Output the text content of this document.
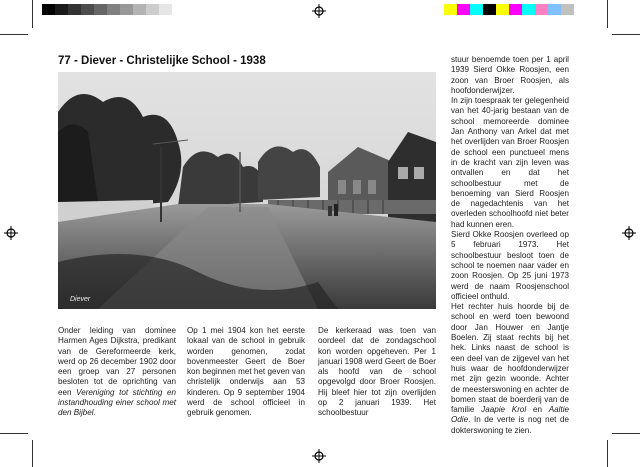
77 - Diever - Christelijke School - 1938
Diever

Onder leiding van dominee Harmen Ages Dijkstra, predikant van de Gereformeerde kerk, werd op 26 december 1902 door een groep van 27 personen besloten tot de oprichting van een Vereniging tot stichting en instandhouding einer school met den Bijbel.

Op 1 mei 1904 kon het eerste lokaal van de school in gebruik worden genomen, zodat bovenmeester Geert de Boer kon beginnen met het geven van christelijk onderwijs aan 53 kinderen. Op 9 september 1904 werd de school officieel in gebruik genomen.

De kerkeraad was toen van oordeel dat de zondagschool kon worden opgeheven. Per 1 januari 1908 werd Geert de Boer als hoofd van de school opgevolgd door Broer Roosjen. Hij bleef hier tot zijn overlijden op 2 januari 1939. Het schoolbestuur

stuur benoemde toen per 1 april 1939 Sierd Okke Roosjen, een zoon van Broer Roosjen, als hoofdonderwijzer.

In zijn toespraak ter gelegenheid van het 40-jarig bestaan van de school memoreerde dominee Jan Anthony van Arkel dat met het overlijden van Broer Roosjen de school een punctueel mens in de kracht van zijn leven was ontvallen en dat het schoolbestuur met de benoeming van Sierd Roosjen de nagedachtenis van het overleden schoolhoofd niet beter had kunnen eren.

Sierd Okke Roosjen overleed op 5 februari 1973. Het schoolbestuur besloot toen de school te noemen naar vader en zoon Roosjen. Op 25 juni 1973 werd de naam Roosjenschool officieel onthuld.

Het rechter huis hoorde bij de school en werd toen bewoond door Jan Houwer en Jantje Boelen. Zij staat rechts bij het hek. Links naast de school is een deel van de zijgevel van het huis waar de hoofdonderwijzer met zijn gezin woonde. Achter de meesterswoning en achter de bomen staat de boerderij van de familie Jaapie Krol en Aaltie Odie. In de verte is nog net de dokterswoning te zien.
